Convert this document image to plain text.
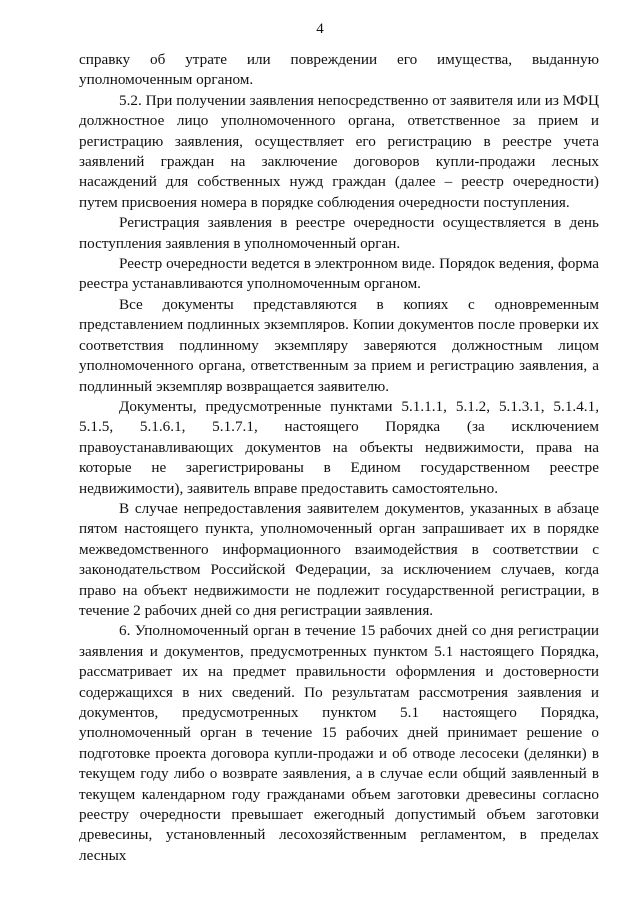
4

справку об утрате или повреждении его имущества, выданную уполномоченным органом.

5.2. При получении заявления непосредственно от заявителя или из МФЦ должностное лицо уполномоченного органа, ответственное за прием и регистрацию заявления, осуществляет его регистрацию в реестре учета заявлений граждан на заключение договоров купли-продажи лесных насаждений для собственных нужд граждан (далее – реестр очередности) путем присвоения номера в порядке соблюдения очередности поступления.

Регистрация заявления в реестре очередности осуществляется в день поступления заявления в уполномоченный орган.

Реестр очередности ведется в электронном виде. Порядок ведения, форма реестра устанавливаются уполномоченным органом.

Все документы представляются в копиях с одновременным представлением подлинных экземпляров. Копии документов после проверки их соответствия подлинному экземпляру заверяются должностным лицом уполномоченного органа, ответственным за прием и регистрацию заявления, а подлинный экземпляр возвращается заявителю.

Документы, предусмотренные пунктами 5.1.1.1, 5.1.2, 5.1.3.1, 5.1.4.1, 5.1.5, 5.1.6.1, 5.1.7.1, настоящего Порядка (за исключением правоустанавливающих документов на объекты недвижимости, права на которые не зарегистрированы в Едином государственном реестре недвижимости), заявитель вправе предоставить самостоятельно.

В случае непредоставления заявителем документов, указанных в абзаце пятом настоящего пункта, уполномоченный орган запрашивает их в порядке межведомственного информационного взаимодействия в соответствии с законодательством Российской Федерации, за исключением случаев, когда право на объект недвижимости не подлежит государственной регистрации, в течение 2 рабочих дней со дня регистрации заявления.

6. Уполномоченный орган в течение 15 рабочих дней со дня регистрации заявления и документов, предусмотренных пунктом 5.1 настоящего Порядка, рассматривает их на предмет правильности оформления и достоверности содержащихся в них сведений. По результатам рассмотрения заявления и документов, предусмотренных пунктом 5.1 настоящего Порядка, уполномоченный орган в течение 15 рабочих дней принимает решение о подготовке проекта договора купли-продажи и об отводе лесосеки (делянки) в текущем году либо о возврате заявления, а в случае если общий заявленный в текущем календарном году гражданами объем заготовки древесины согласно реестру очередности превышает ежегодный допустимый объем заготовки древесины, установленный лесохозяйственным регламентом, в пределах лесных
